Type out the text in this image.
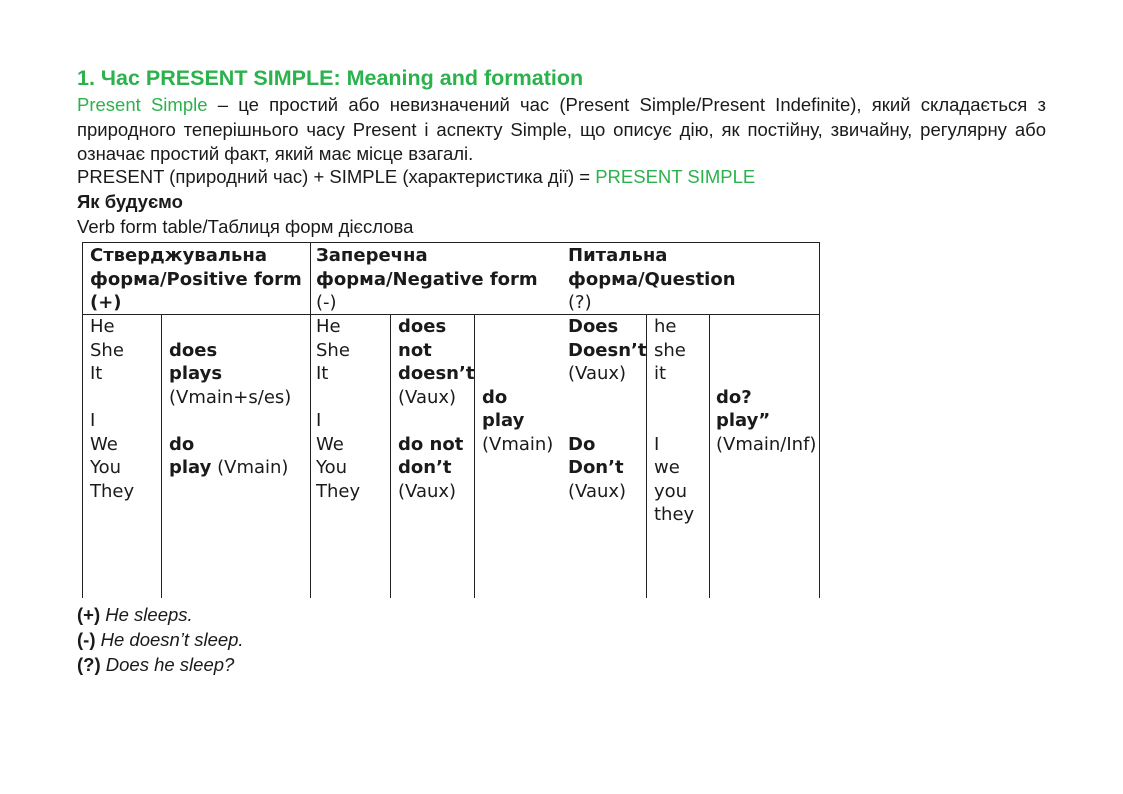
1. Час PRESENT SIMPLE: Meaning and formation
Present Simple – це простий або невизначений час (Present Simple/Present Indefinite), який складається з природного теперішнього часу Present і аспекту Simple, що описує дію, як постійну, звичайну, регулярну або означає простий факт, який має місце взагалі.
PRESENT (природний час) + SIMPLE (характеристика дії) = PRESENT SIMPLE
Як будуємо
Verb form table/Таблиця форм дієслова
Стверджувальна
форма/Positive form
(+)
Заперечна
форма/Negative form
(-)
Питальна
форма/Question
(?)
He
She
It
I
We
You
They
does
plays
(Vmain+s/es)
do
play (Vmain)
He
She
It
I
We
You
They
does
not
doesn’t
(Vaux)
do not
don’t
(Vaux)
do
play
(Vmain)
Does
Doesn’t
(Vaux)
Do
Don’t
(Vaux)
he
she
it
I
we
you
they
do?
play”
(Vmain/Inf)
(+) He sleeps.
(-) He doesn’t sleep.
(?) Does he sleep?
